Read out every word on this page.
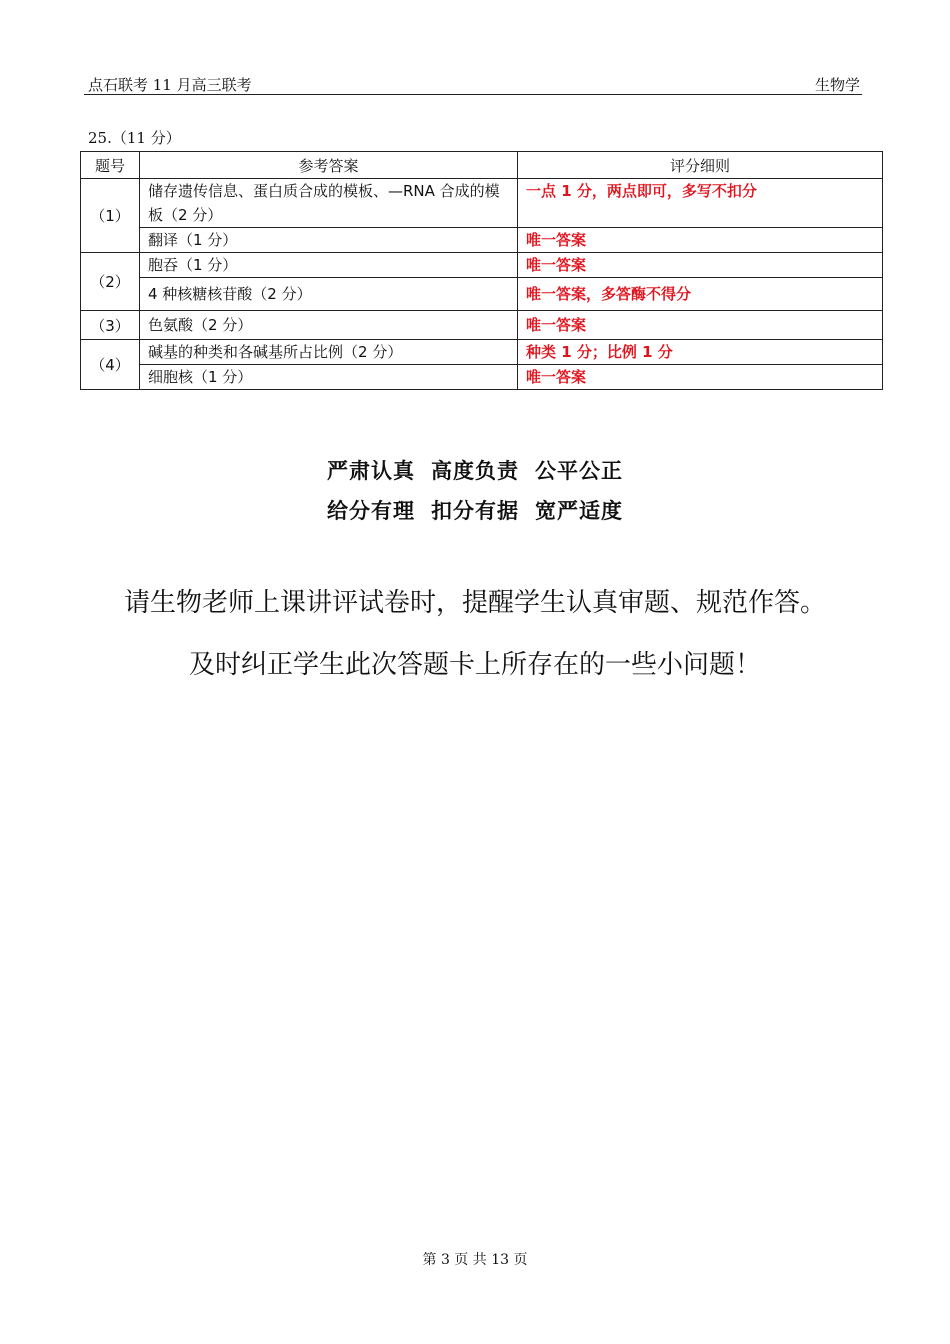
点石联考 11 月高三联考	生物学
25.（11 分）
题号	参考答案	评分细则
（1）	储存遗传信息、蛋白质合成的模板、—RNA 合成的模板（2 分）	一点 1 分，两点即可，多写不扣分
	翻译（1 分）	唯一答案
（2）	胞吞（1 分）	唯一答案
	4 种核糖核苷酸（2 分）	唯一答案，多答酶不得分
（3）	色氨酸（2 分）	唯一答案
（4）	碱基的种类和各碱基所占比例（2 分）	种类 1 分；比例 1 分
	细胞核（1 分）	唯一答案
严肃认真 高度负责 公平公正
给分有理 扣分有据 宽严适度
请生物老师上课讲评试卷时，提醒学生认真审题、规范作答。
及时纠正学生此次答题卡上所存在的一些小问题！
第 3 页 共 13 页
